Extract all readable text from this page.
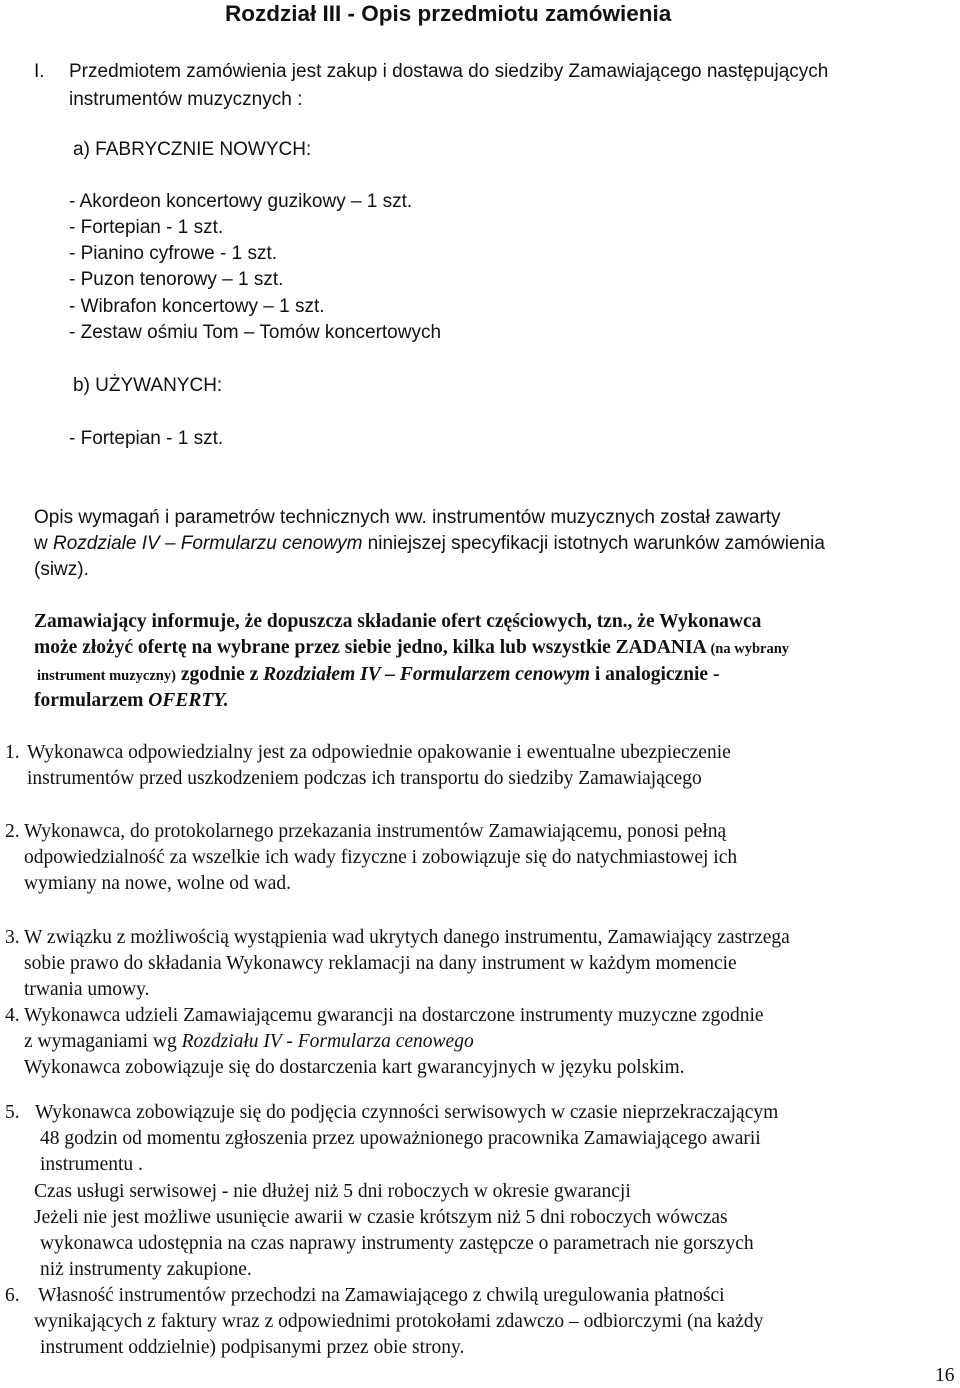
Rozdział III - Opis przedmiotu zamówienia
I. Przedmiotem zamówienia jest zakup i dostawa do siedziby Zamawiającego następujących
instrumentów muzycznych :
a) FABRYCZNIE NOWYCH:
- Akordeon koncertowy guzikowy – 1 szt.
- Fortepian - 1 szt.
- Pianino cyfrowe - 1 szt.
- Puzon tenorowy – 1 szt.
- Wibrafon koncertowy – 1 szt.
- Zestaw ośmiu Tom – Tomów koncertowych
b) UŻYWANYCH:
- Fortepian - 1 szt.
Opis wymagań i parametrów technicznych ww. instrumentów muzycznych został zawarty
w Rozdziale IV – Formularzu cenowym niniejszej specyfikacji istotnych warunków zamówienia
(siwz).
Zamawiający informuje, że dopuszcza składanie ofert częściowych, tzn., że Wykonawca
może złożyć ofertę na wybrane przez siebie jedno, kilka lub wszystkie ZADANIA (na wybrany
instrument muzyczny) zgodnie z Rozdziałem IV – Formularzem cenowym i analogicznie -
formularzem OFERTY.
1. Wykonawca odpowiedzialny jest za odpowiednie opakowanie i ewentualne ubezpieczenie
instrumentów przed uszkodzeniem podczas ich transportu do siedziby Zamawiającego
2. Wykonawca, do protokolarnego przekazania instrumentów Zamawiającemu, ponosi pełną
odpowiedzialność za wszelkie ich wady fizyczne i zobowiązuje się do natychmiastowej ich
wymiany na nowe, wolne od wad.
3. W związku z możliwością wystąpienia wad ukrytych danego instrumentu, Zamawiający zastrzega
sobie prawo do składania Wykonawcy reklamacji na dany instrument w każdym momencie
trwania umowy.
4. Wykonawca udzieli Zamawiającemu gwarancji na dostarczone instrumenty muzyczne zgodnie
z wymaganiami wg Rozdziału IV - Formularza cenowego
Wykonawca zobowiązuje się do dostarczenia kart gwarancyjnych w języku polskim.
5. Wykonawca zobowiązuje się do podjęcia czynności serwisowych w czasie nieprzekraczającym
48 godzin od momentu zgłoszenia przez upoważnionego pracownika Zamawiającego awarii
instrumentu .
Czas usługi serwisowej - nie dłużej niż 5 dni roboczych w okresie gwarancji
Jeżeli nie jest możliwe usunięcie awarii w czasie krótszym niż 5 dni roboczych wówczas
wykonawca udostępnia na czas naprawy instrumenty zastępcze o parametrach nie gorszych
niż instrumenty zakupione.
6. Własność instrumentów przechodzi na Zamawiającego z chwilą uregulowania płatności
wynikających z faktury wraz z odpowiednimi protokołami zdawczo – odbiorczymi (na każdy
instrument oddzielnie) podpisanymi przez obie strony.
16
